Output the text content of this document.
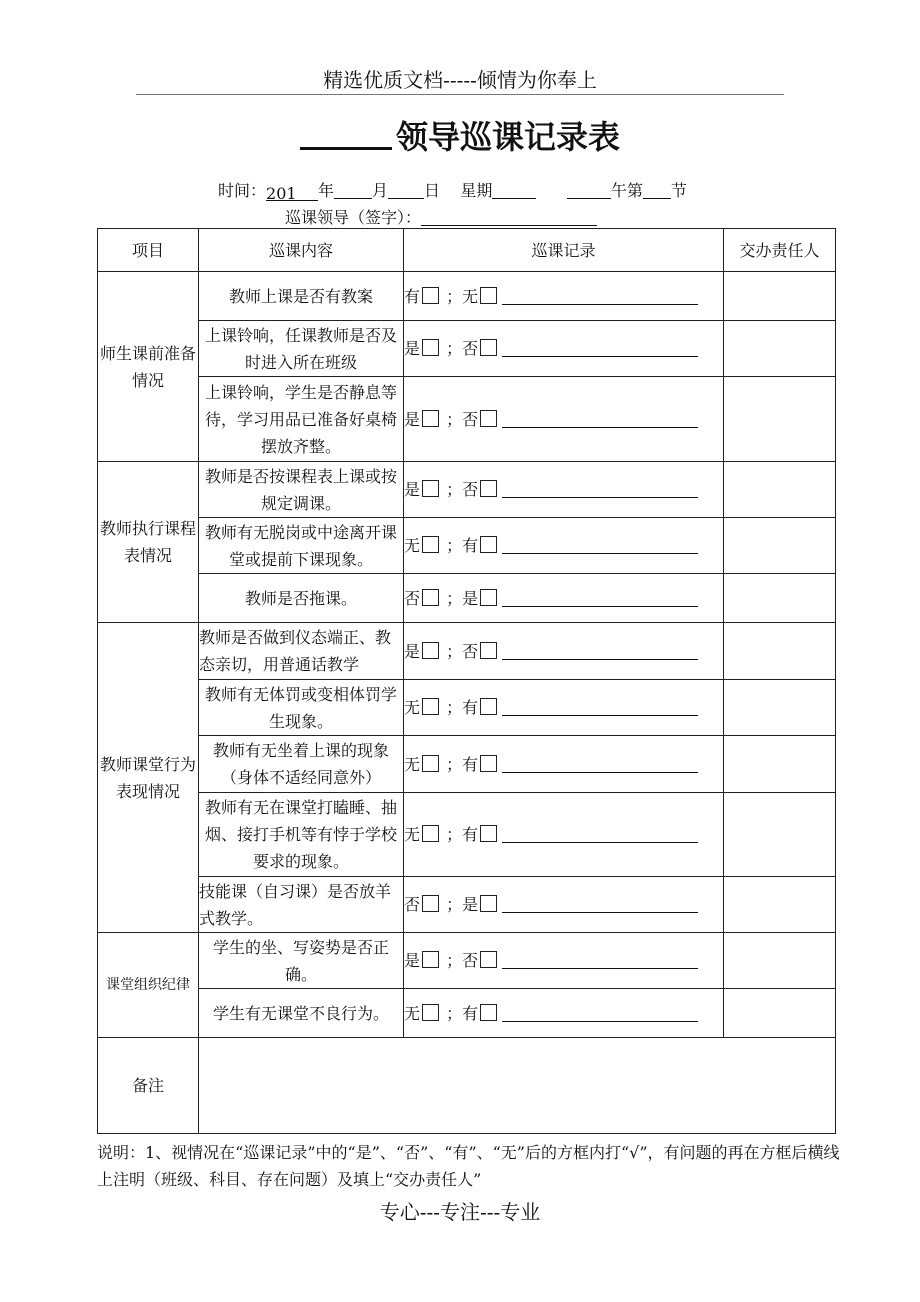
精选优质文档-----倾情为你奉上
领导巡课记录表
时间：201 年 月 日 星期	午第 节
巡课领导（签字）：
项目	巡课内容	巡课记录	交办责任人
师生课前准备情况	教师上课是否有教案	有 ；无	
	上课铃响，任课教师是否及时进入所在班级	是 ；否	
	上课铃响，学生是否静息等待，学习用品已准备好桌椅摆放齐整。	是 ；否	
教师执行课程表情况	教师是否按课程表上课或按规定调课。	是 ；否	
	教师有无脱岗或中途离开课堂或提前下课现象。	无 ；有	
	教师是否拖课。	否 ；是	
教师课堂行为表现情况	教师是否做到仪态端正、教态亲切，用普通话教学	是 ；否	
	教师有无体罚或变相体罚学生现象。	无 ；有	
	教师有无坐着上课的现象（身体不适经同意外）	无 ；有	
	教师有无在课堂打瞌睡、抽烟、接打手机等有悖于学校要求的现象。	无 ；有	
	技能课（自习课）是否放羊式教学。	否 ；是	
课堂组织纪律	学生的坐、写姿势是否正确。	是 ；否	
	学生有无课堂不良行为。	无 ；有	
备注			
说明：1、视情况在“巡课记录”中的“是”、“否”、“有”、“无”后的方框内打“√”，有问题的再在方框后横线上注明（班级、科目、存在问题）及填上“交办责任人”
专心---专注---专业
